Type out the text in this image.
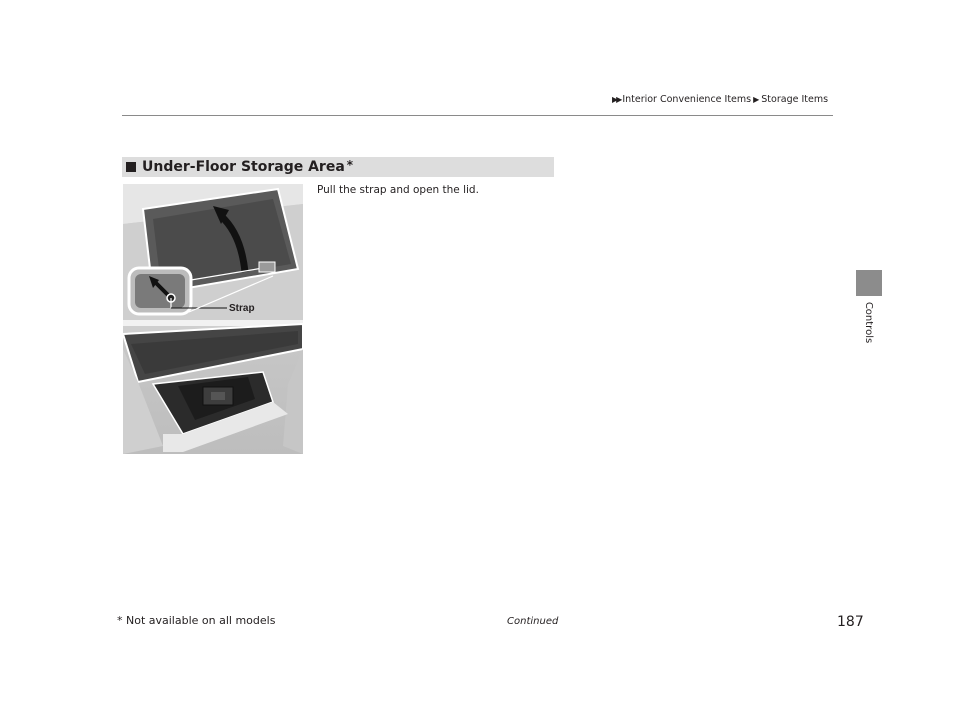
▶▶ Interior Convenience Items ▶ Storage Items
Controls
Under-Floor Storage Area *
Strap
Pull the strap and open the lid.
* Not available on all models	Continued	187
